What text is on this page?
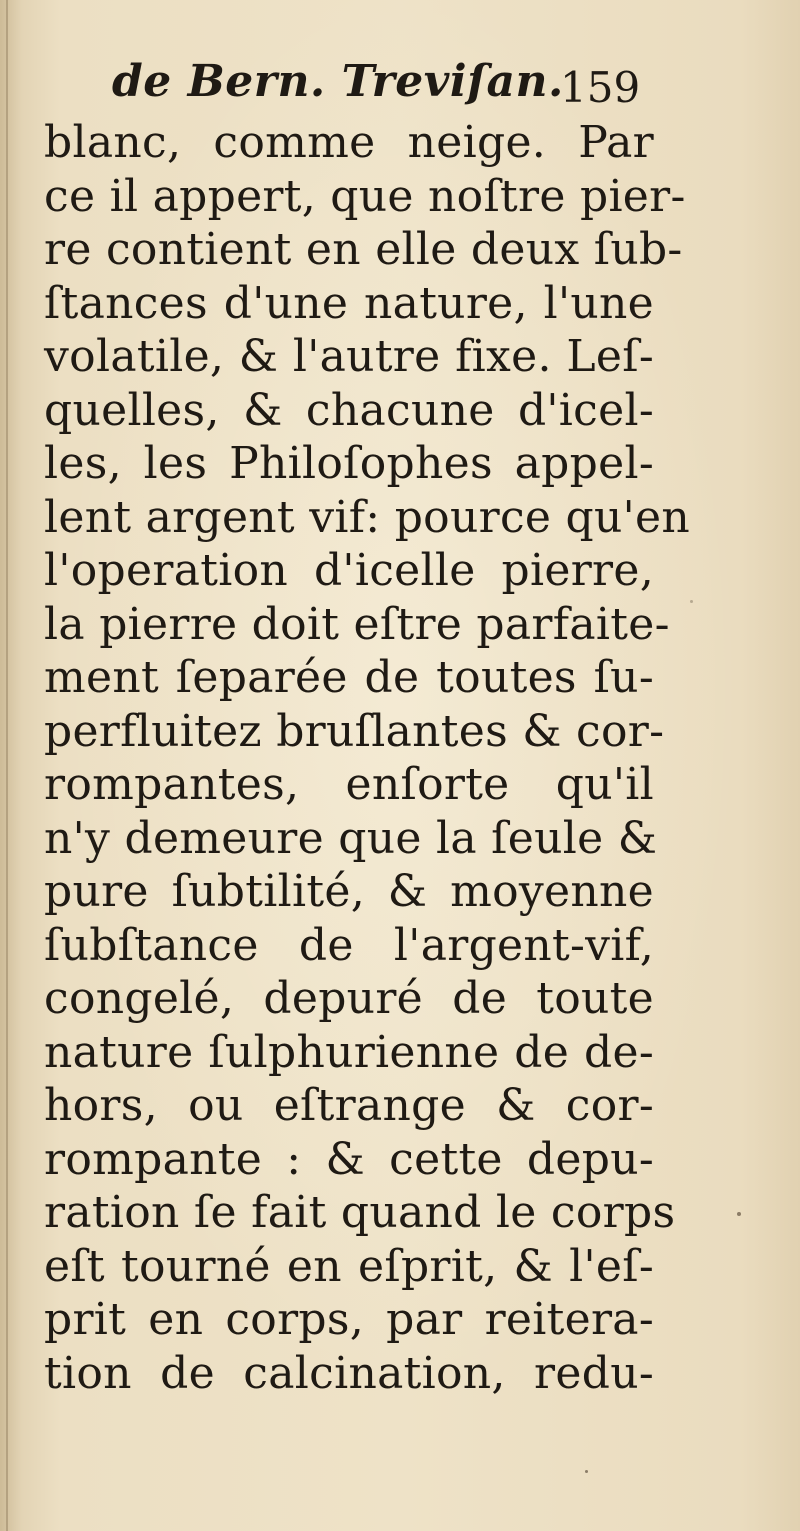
de Bern. Treviſan.
159
blanc, comme neige. Par
ce il appert, que noſtre pier-
re contient en elle deux ſub-
ſtances d'une nature, l'une
volatile, & l'autre fixe. Leſ-
quelles, & chacune d'icel-
les, les Philoſophes appel-
lent argent vif: pource qu'en
l'operation d'icelle pierre,
la pierre doit eſtre parfaite-
ment ſeparée de toutes ſu-
perfluitez bruſlantes & cor-
rompantes, enſorte qu'il
n'y demeure que la ſeule &
pure ſubtilité, & moyenne
ſubſtance de l'argent-vif,
congelé, depuré de toute
nature ſulphurienne de de-
hors, ou eſtrange & cor-
rompante : & cette depu-
ration ſe fait quand le corps
eſt tourné en eſprit, & l'eſ-
prit en corps, par reitera-
tion de calcination, redu-
